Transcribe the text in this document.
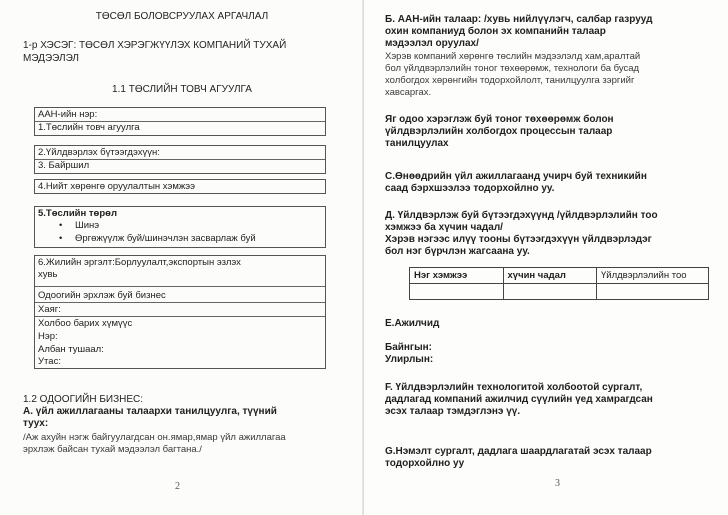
ТӨСӨЛ БОЛОВСРУУЛАХ АРГАЧЛАЛ
1-р ХЭСЭГ: ТӨСӨЛ ХЭРЭГЖҮҮЛЭХ КОМПАНИЙ ТУХАЙ
МЭДЭЭЛЭЛ
1.1 ТӨСЛИЙН ТОВЧ АГУУЛГА
ААН-ийн нэр:
1.Төслийн товч агуулга
2.Үйлдвэрлэх бүтээгдэхүүн:
3. Байршил
4.Нийт хөрөнгө оруулалтын хэмжээ
5.Төслийн төрөл
• Шинэ
• Өргөжүүлж буй/шинэчлэн засварлаж буй
6.Жилийн эргэлт:Борлуулалт,экспортын эзлэх
хувь
Одоогийн эрхлэж буй бизнес
Хаяг:
Холбоо барих хүмүүс
Нэр:
Албан тушаал:
Утас:
1.2 ОДООГИЙН БИЗНЕС:
А. үйл ажиллагааны талаархи танилцуулга, түүний
тууx:
/Аж ахуйн нэгж байгуулагдсан он.ямар,ямар үйл ажиллагаа
эрхлэж байсан тухай мэдээлэл багтана./
2
Б. ААН-ийн талаар: /хувь нийлүүлэгч, салбар газрууд
охин компаниуд болон эх компанийн талаар
мэдээлэл оруулах/
Хэрэв компаний хөрөнгө төслийн мэдээлэлд хам,аралтай
бол үйлдвэрлэлийн тоног төхөөрөмж, технологи ба бусад
холбогдох хөрөнгийн тодорхойлолт, танилцуулга зэргийг
хавсаргах.
Яг одоо хэрэглэж буй тоног төхөөрөмж болон
үйлдвэрлэлийн холбогдох процессын талаар
танилцуулах
С.Өнөөдрийн үйл ажиллагаанд учирч буй техникийн
саад бэрхшээлээ тодорхойлно уу.
Д. Үйлдвэрлэж буй бүтээгдэхүүнд /үйлдвэрлэлийн тоо
хэмжээ ба хүчин чадал/
Хэрэв нэгээс илүү тооны бүтээгдэхүүн үйлдвэрлэдэг
бол нэг бүрчлэн жагсаана уу.
Нэг хэмжээ	хүчин чадал	Үйлдвэрлэлийн тоо

Е.Ажилчид
Байнгын:
Улирлын:
F. Үйлдвэрлэлийн технологитой холбоотой сургалт,
дадлагад компаний ажилчид сүүлийн үед хамрагдсан
эсэх талаар тэмдэглэнэ үү.
G.Нэмэлт сургалт, дадлага шаардлагатай эсэх талаар
тодорхойлно уу
3
